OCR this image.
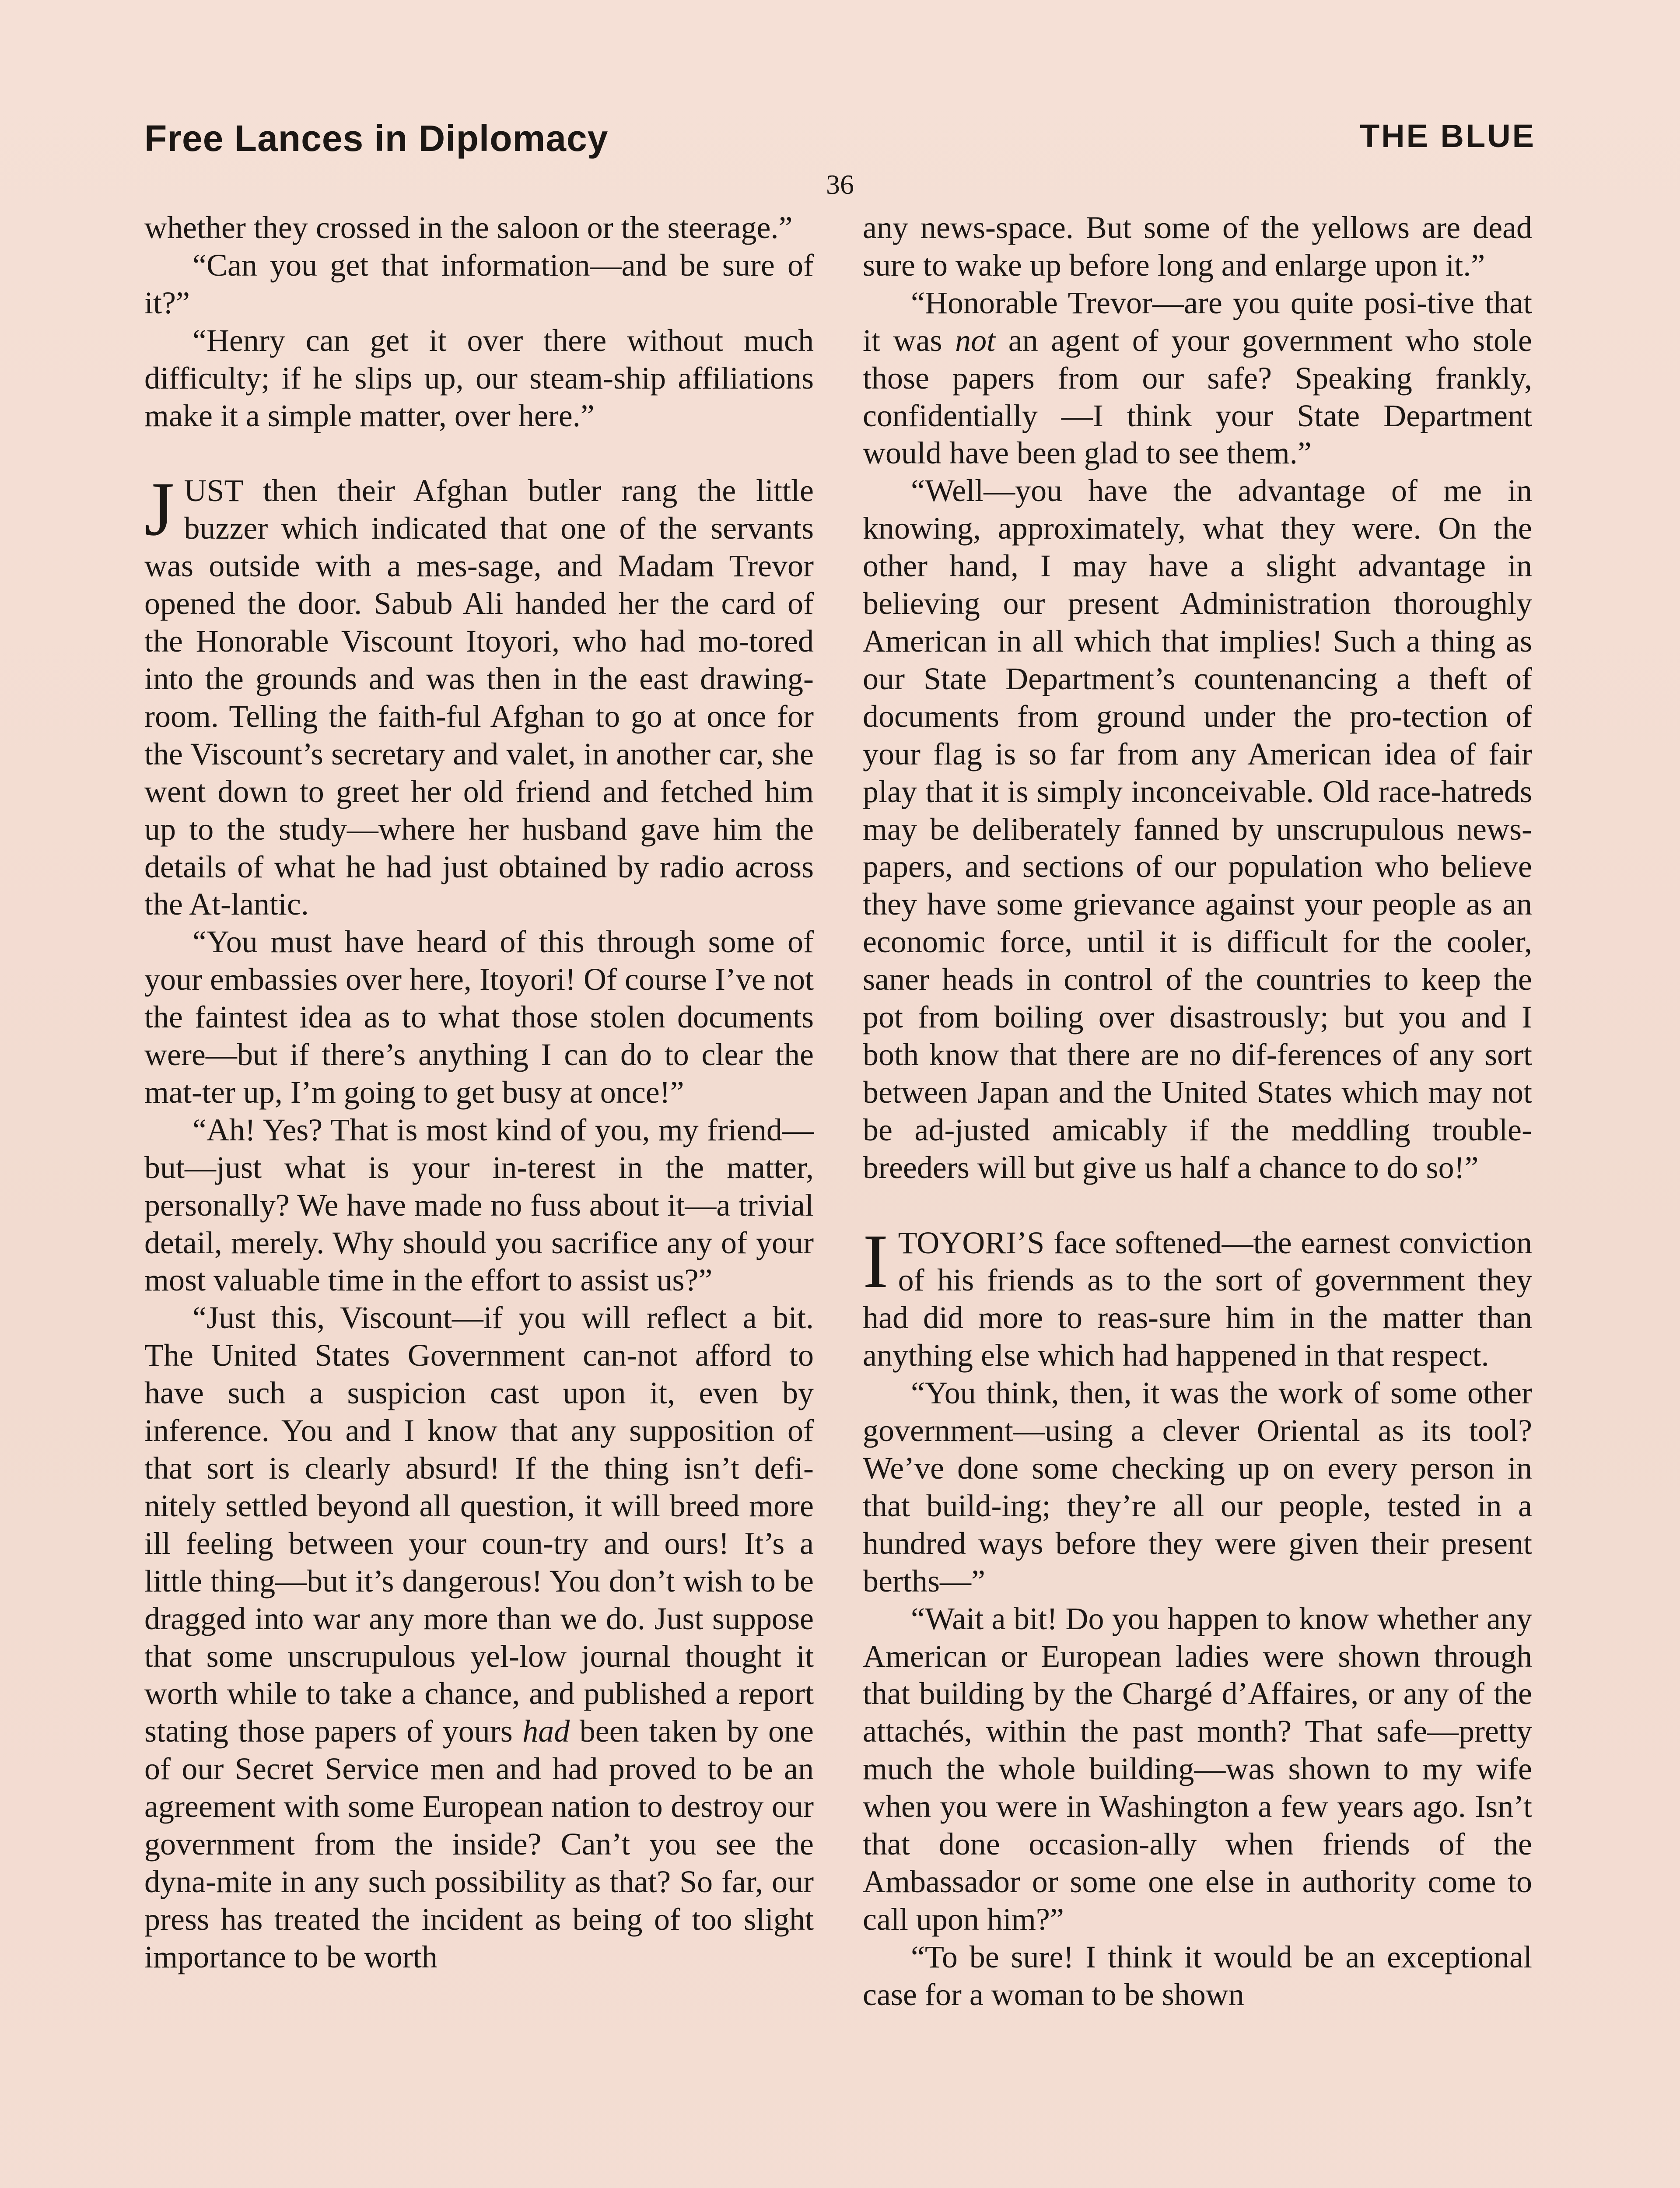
Free Lances in Diplomacy	THE BLUE
36

whether they crossed in the saloon or the steerage.”

“Can you get that information—and be sure of it?”

“Henry can get it over there without much difficulty; if he slips up, our steam-ship affiliations make it a simple matter, over here.”

JUST then their Afghan butler rang the little buzzer which indicated that one of the servants was outside with a mes-sage, and Madam Trevor opened the door. Sabub Ali handed her the card of the Honorable Viscount Itoyori, who had mo-tored into the grounds and was then in the east drawing-room. Telling the faith-ful Afghan to go at once for the Viscount’s secretary and valet, in another car, she went down to greet her old friend and fetched him up to the study—where her husband gave him the details of what he had just obtained by radio across the At-lantic.

“You must have heard of this through some of your embassies over here, Itoyori! Of course I’ve not the faintest idea as to what those stolen documents were—but if there’s anything I can do to clear the mat-ter up, I’m going to get busy at once!”

“Ah! Yes? That is most kind of you, my friend—but—just what is your in-terest in the matter, personally? We have made no fuss about it—a trivial detail, merely. Why should you sacrifice any of your most valuable time in the effort to assist us?”

“Just this, Viscount—if you will reflect a bit. The United States Government can-not afford to have such a suspicion cast upon it, even by inference. You and I know that any supposition of that sort is clearly absurd! If the thing isn’t defi-nitely settled beyond all question, it will breed more ill feeling between your coun-try and ours! It’s a little thing—but it’s dangerous! You don’t wish to be dragged into war any more than we do. Just suppose that some unscrupulous yel-low journal thought it worth while to take a chance, and published a report stating those papers of yours had been taken by one of our Secret Service men and had proved to be an agreement with some European nation to destroy our government from the inside? Can’t you see the dyna-mite in any such possibility as that? So far, our press has treated the incident as being of too slight importance to be worth

any news-space. But some of the yellows are dead sure to wake up before long and enlarge upon it.”

“Honorable Trevor—are you quite posi-tive that it was not an agent of your government who stole those papers from our safe? Speaking frankly, confidentially —I think your State Department would have been glad to see them.”

“Well—you have the advantage of me in knowing, approximately, what they were. On the other hand, I may have a slight advantage in believing our present Administration thoroughly American in all which that implies! Such a thing as our State Department’s countenancing a theft of documents from ground under the pro-tection of your flag is so far from any American idea of fair play that it is simply inconceivable. Old race-hatreds may be deliberately fanned by unscrupulous news-papers, and sections of our population who believe they have some grievance against your people as an economic force, until it is difficult for the cooler, saner heads in control of the countries to keep the pot from boiling over disastrously; but you and I both know that there are no dif-ferences of any sort between Japan and the United States which may not be ad-justed amicably if the meddling trouble-breeders will but give us half a chance to do so!”

ITOYORI’S face softened—the earnest conviction of his friends as to the sort of government they had did more to reas-sure him in the matter than anything else which had happened in that respect.

“You think, then, it was the work of some other government—using a clever Oriental as its tool? We’ve done some checking up on every person in that build-ing; they’re all our people, tested in a hundred ways before they were given their present berths—”

“Wait a bit! Do you happen to know whether any American or European ladies were shown through that building by the Chargé d’Affaires, or any of the attachés, within the past month? That safe—pretty much the whole building—was shown to my wife when you were in Washington a few years ago. Isn’t that done occasion-ally when friends of the Ambassador or some one else in authority come to call upon him?”

“To be sure! I think it would be an exceptional case for a woman to be shown
